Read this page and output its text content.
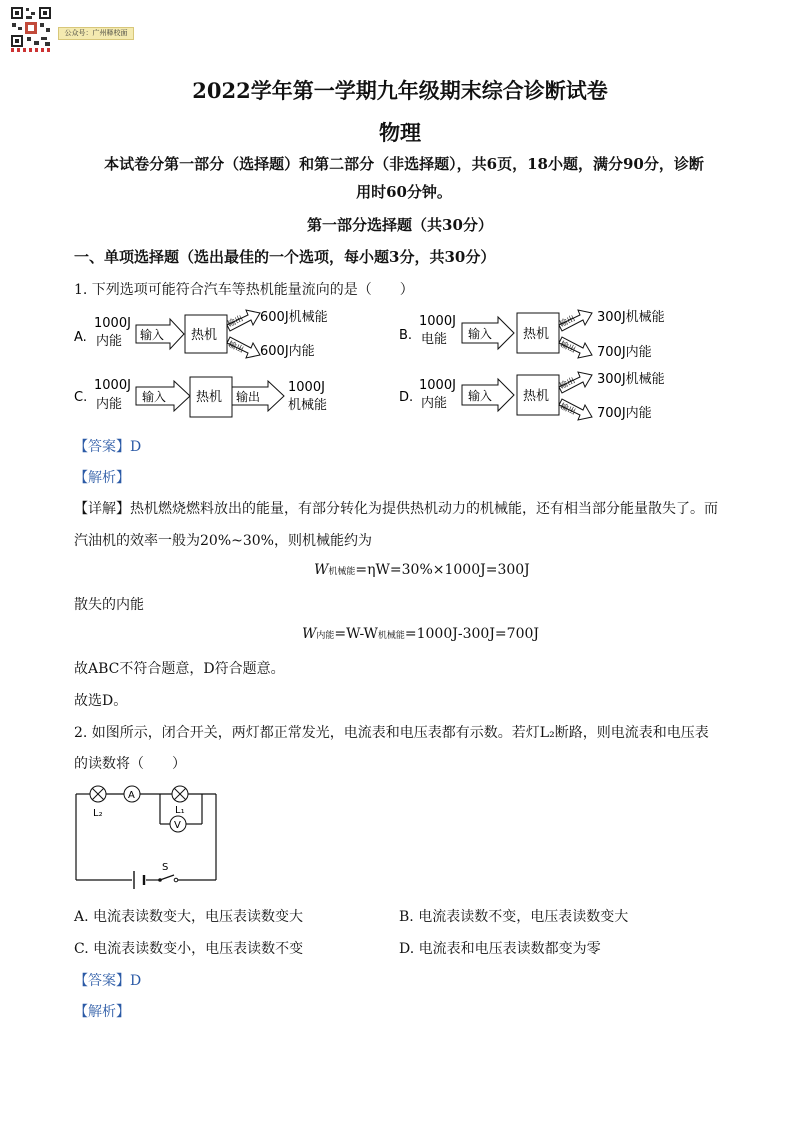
公众号：广州释校面
2022学年第一学期九年级期末综合诊断试卷
物理
本试卷分第一部分（选择题）和第二部分（非选择题），共6页，18小题，满分90分，诊断
用时60分钟。
第一部分选择题（共30分）
一、单项选择题（选出最佳的一个选项，每小题3分，共30分）
1. 下列选项可能符合汽车等热机能量流向的是（　　）
A.
1000J
内能 输入 热机
输出
输出
600J机械能
600J内能
B.
1000J
电能 输入 热机
输出
输出
300J机械能
700J内能
C.
1000J
内能 输入 热机 输出
1000J
机械能
D.
1000J
内能 输入 热机
输出
输出
300J机械能
700J内能
【答案】D
【解析】
【详解】热机燃烧燃料放出的能量，有部分转化为提供热机动力的机械能，还有相当部分能量散失了。而
汽油机的效率一般为20%~30%，则机械能约为
W机械能=ηW=30%×1000J=300J
散失的内能
W内能=W-W机械能=1000J-300J=700J
故ABC不符合题意，D符合题意。
故选D。
2. 如图所示，闭合开关，两灯都正常发光，电流表和电压表都有示数。若灯L₂断路，则电流表和电压表
的读数将（　　）
L₂
A
L₁
V
S
A. 电流表读数变大，电压表读数变大	B. 电流表读数不变，电压表读数变大
C. 电流表读数变小，电压表读数不变	D. 电流表和电压表读数都变为零
【答案】D
【解析】
